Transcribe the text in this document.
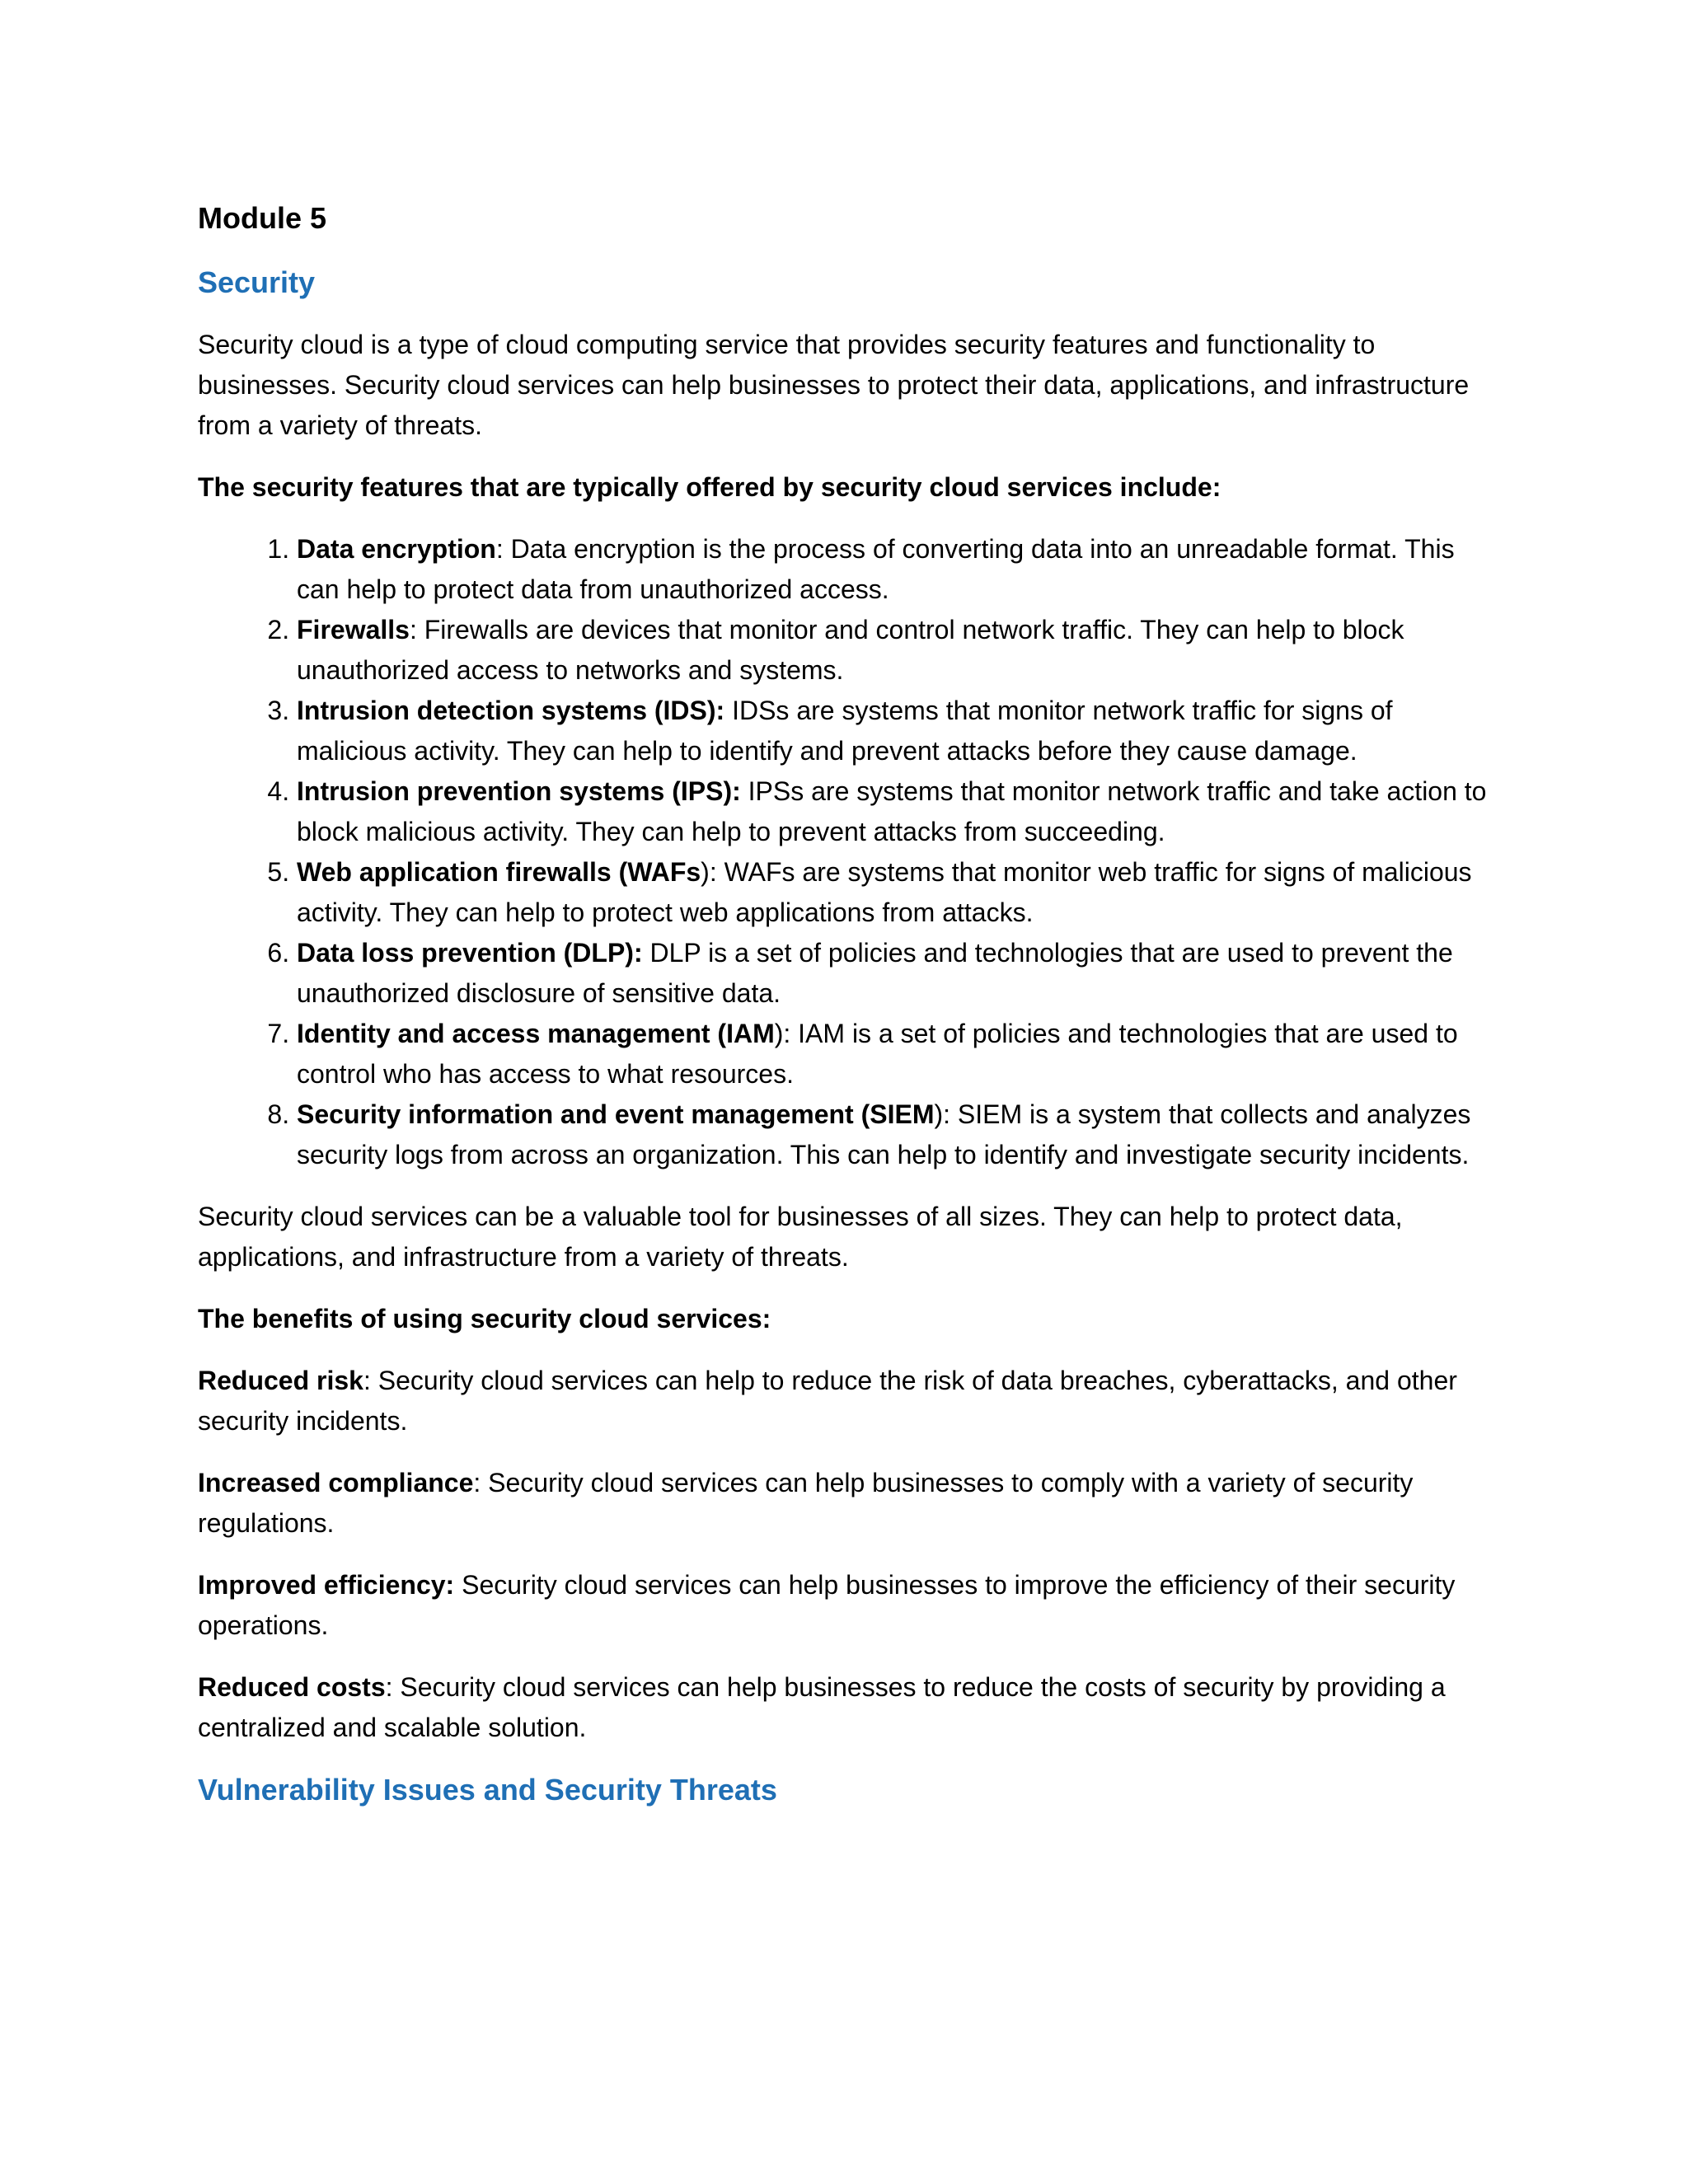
Module 5
Security

Security cloud is a type of cloud computing service that provides security features and functionality to businesses. Security cloud services can help businesses to protect their data, applications, and infrastructure from a variety of threats.

The security features that are typically offered by security cloud services include:

1. Data encryption: Data encryption is the process of converting data into an unreadable format. This can help to protect data from unauthorized access.
2. Firewalls: Firewalls are devices that monitor and control network traffic. They can help to block unauthorized access to networks and systems.
3. Intrusion detection systems (IDS): IDSs are systems that monitor network traffic for signs of malicious activity. They can help to identify and prevent attacks before they cause damage.
4. Intrusion prevention systems (IPS): IPSs are systems that monitor network traffic and take action to block malicious activity. They can help to prevent attacks from succeeding.
5. Web application firewalls (WAFs): WAFs are systems that monitor web traffic for signs of malicious activity. They can help to protect web applications from attacks.
6. Data loss prevention (DLP): DLP is a set of policies and technologies that are used to prevent the unauthorized disclosure of sensitive data.
7. Identity and access management (IAM): IAM is a set of policies and technologies that are used to control who has access to what resources.
8. Security information and event management (SIEM): SIEM is a system that collects and analyzes security logs from across an organization. This can help to identify and investigate security incidents.

Security cloud services can be a valuable tool for businesses of all sizes. They can help to protect data, applications, and infrastructure from a variety of threats.

The benefits of using security cloud services:

Reduced risk: Security cloud services can help to reduce the risk of data breaches, cyberattacks, and other security incidents.

Increased compliance: Security cloud services can help businesses to comply with a variety of security regulations.

Improved efficiency: Security cloud services can help businesses to improve the efficiency of their security operations.

Reduced costs: Security cloud services can help businesses to reduce the costs of security by providing a centralized and scalable solution.

Vulnerability Issues and Security Threats
